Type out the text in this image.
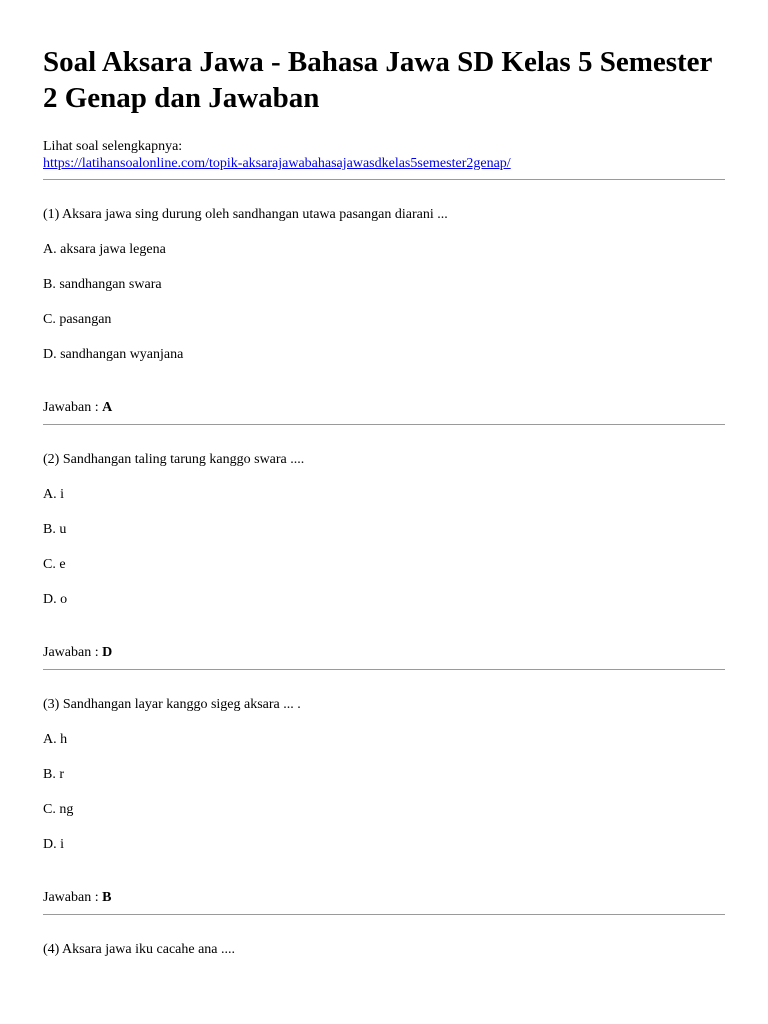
Soal Aksara Jawa - Bahasa Jawa SD Kelas 5 Semester 2 Genap dan Jawaban
Lihat soal selengkapnya:
https://latihansoalonline.com/topik-aksarajawabahasajawasdkelas5semester2genap/
(1) Aksara jawa sing durung oleh sandhangan utawa pasangan diarani ...
A. aksara jawa legena
B. sandhangan swara
C. pasangan
D. sandhangan wyanjana
Jawaban : A
(2) Sandhangan taling tarung kanggo swara ....
A. i
B. u
C. e
D. o
Jawaban : D
(3) Sandhangan layar kanggo sigeg aksara ... .
A. h
B. r
C. ng
D. i
Jawaban : B
(4) Aksara jawa iku cacahe ana ....
